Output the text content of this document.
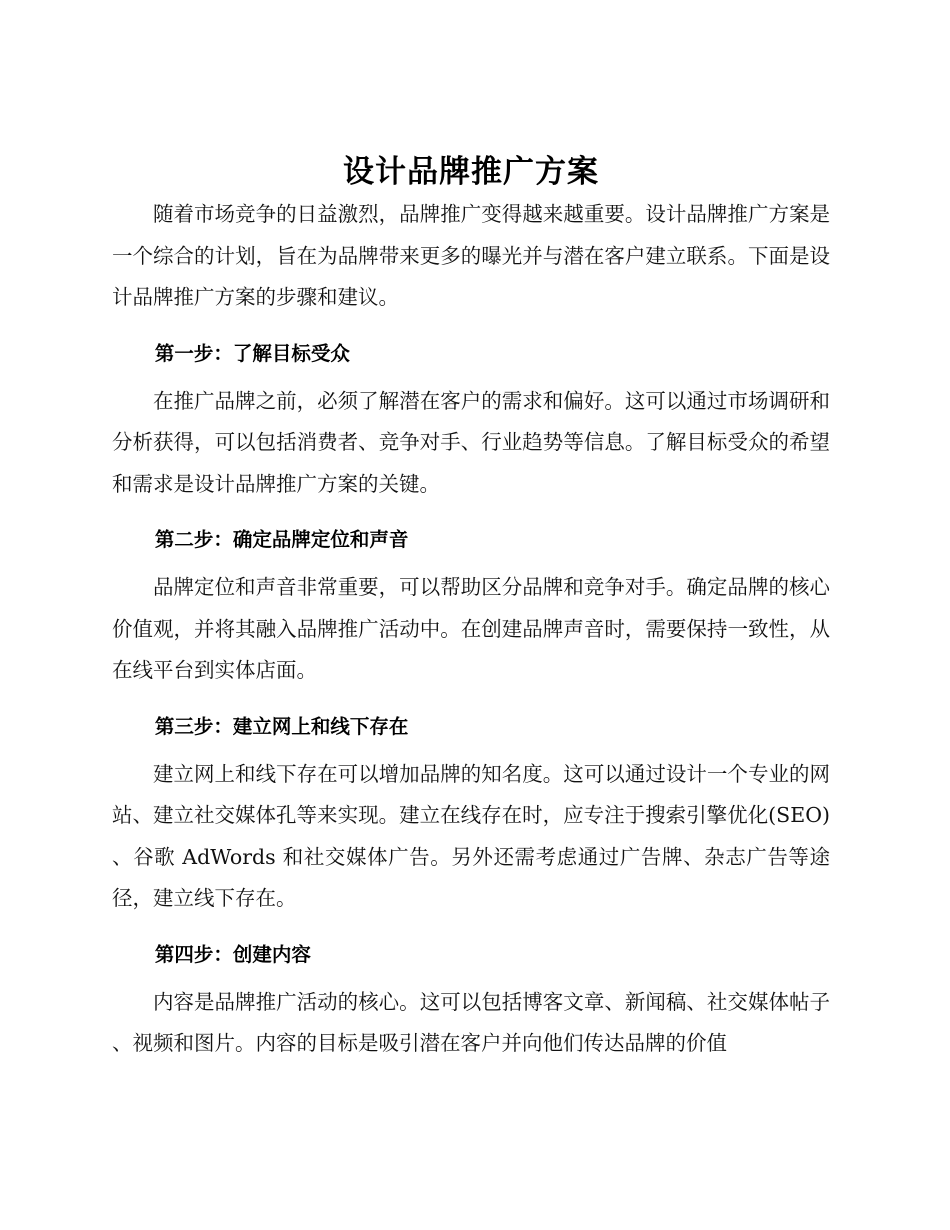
设计品牌推广方案

随着市场竞争的日益激烈，品牌推广变得越来越重要。设计品牌推广方案是一个综合的计划，旨在为品牌带来更多的曝光并与潜在客户建立联系。下面是设计品牌推广方案的步骤和建议。

第一步：了解目标受众

在推广品牌之前，必须了解潜在客户的需求和偏好。这可以通过市场调研和分析获得，可以包括消费者、竞争对手、行业趋势等信息。了解目标受众的希望和需求是设计品牌推广方案的关键。

第二步：确定品牌定位和声音

品牌定位和声音非常重要，可以帮助区分品牌和竞争对手。确定品牌的核心价值观，并将其融入品牌推广活动中。在创建品牌声音时，需要保持一致性，从在线平台到实体店面。

第三步：建立网上和线下存在

建立网上和线下存在可以增加品牌的知名度。这可以通过设计一个专业的网站、建立社交媒体孔等来实现。建立在线存在时，应专注于搜索引擎优化(SEO)、谷歌 AdWords 和社交媒体广告。另外还需考虑通过广告牌、杂志广告等途径，建立线下存在。

第四步：创建内容

内容是品牌推广活动的核心。这可以包括博客文章、新闻稿、社交媒体帖子、视频和图片。内容的目标是吸引潜在客户并向他们传达品牌的价值
